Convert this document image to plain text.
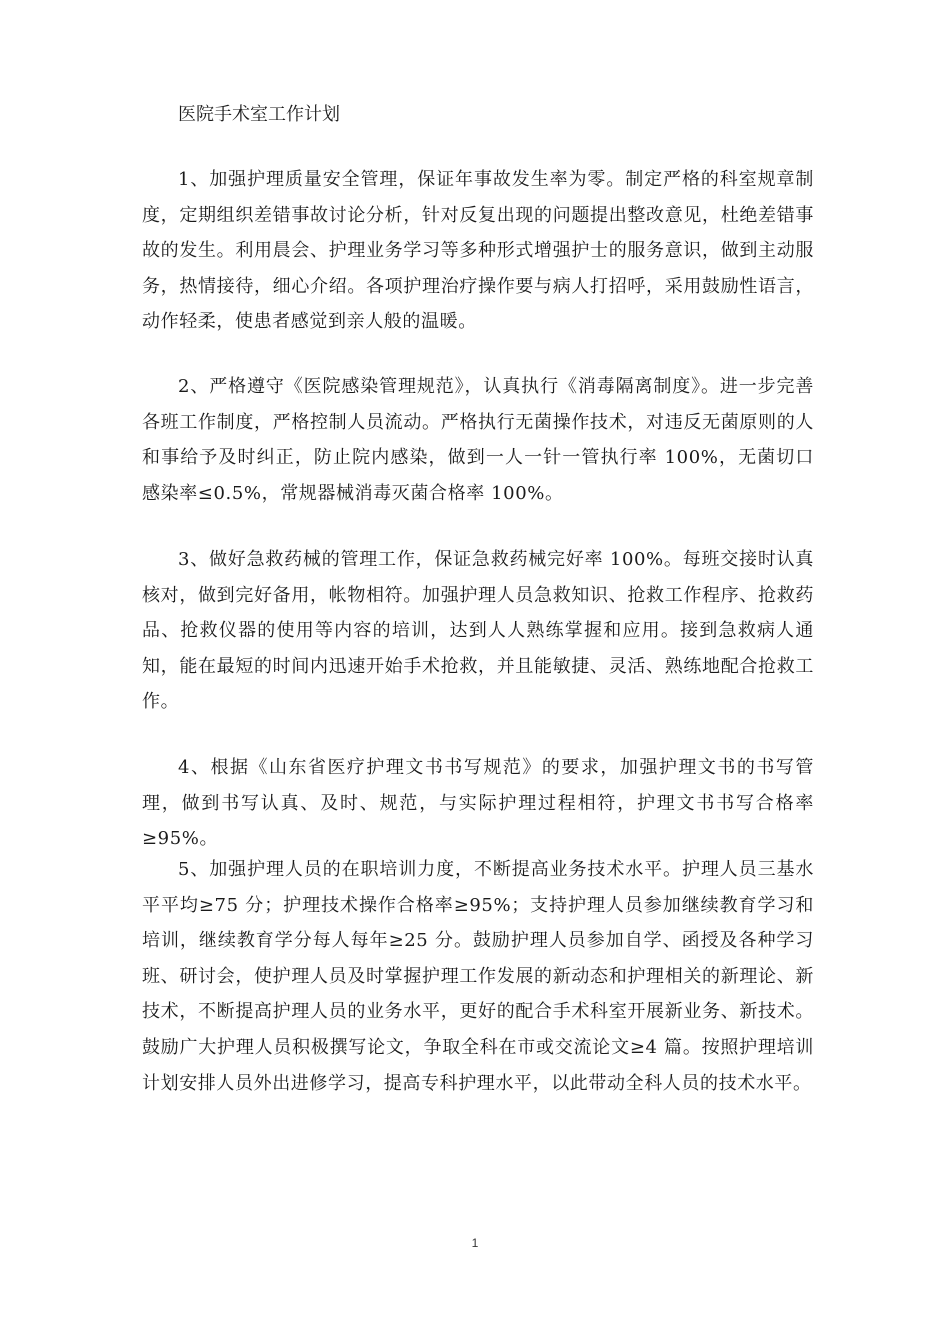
医院手术室工作计划

1、加强护理质量安全管理，保证年事故发生率为零。制定严格的科室规章制度，定期组织差错事故讨论分析，针对反复出现的问题提出整改意见，杜绝差错事故的发生。利用晨会、护理业务学习等多种形式增强护士的服务意识，做到主动服务，热情接待，细心介绍。各项护理治疗操作要与病人打招呼，采用鼓励性语言，动作轻柔，使患者感觉到亲人般的温暖。

2、严格遵守《医院感染管理规范》，认真执行《消毒隔离制度》。进一步完善各班工作制度，严格控制人员流动。严格执行无菌操作技术，对违反无菌原则的人和事给予及时纠正，防止院内感染，做到一人一针一管执行率 100%，无菌切口感染率≤0.5%，常规器械消毒灭菌合格率 100%。

3、做好急救药械的管理工作，保证急救药械完好率 100%。每班交接时认真核对，做到完好备用，帐物相符。加强护理人员急救知识、抢救工作程序、抢救药品、抢救仪器的使用等内容的培训，达到人人熟练掌握和应用。接到急救病人通知，能在最短的时间内迅速开始手术抢救，并且能敏捷、灵活、熟练地配合抢救工作。

4、根据《山东省医疗护理文书书写规范》的要求，加强护理文书的书写管理，做到书写认真、及时、规范，与实际护理过程相符，护理文书书写合格率≥95%。

5、加强护理人员的在职培训力度，不断提高业务技术水平。护理人员三基水平平均≥75 分；护理技术操作合格率≥95%；支持护理人员参加继续教育学习和培训，继续教育学分每人每年≥25 分。鼓励护理人员参加自学、函授及各种学习班、研讨会，使护理人员及时掌握护理工作发展的新动态和护理相关的新理论、新技术，不断提高护理人员的业务水平，更好的配合手术科室开展新业务、新技术。鼓励广大护理人员积极撰写论文，争取全科在市或交流论文≥4 篇。按照护理培训计划安排人员外出进修学习，提高专科护理水平，以此带动全科人员的技术水平。

1
